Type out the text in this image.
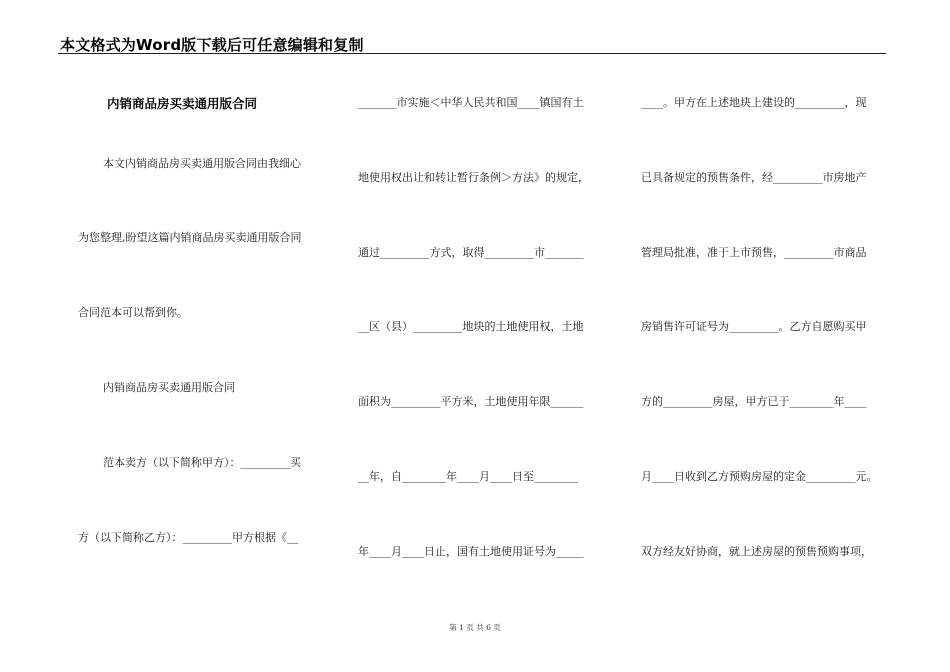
本文格式为Word版下载后可任意编辑和复制
内销商品房买卖通用版合同
本文内销商品房买卖通用版合同由我细心
为您整理,盼望这篇内销商品房买卖通用版合同
合同范本可以帮到你。
内销商品房买卖通用版合同
范本卖方（以下简称甲方）：_________买
方（以下简称乙方）：_________甲方根据《__
_______市实施＜中华人民共和国____镇国有土
地使用权出让和转让暂行条例＞方法》的规定，
通过_________方式，取得_________市_______
__区（县）_________地块的土地使用权，土地
面积为_________平方米，土地使用年限______
__年，自________年____月____日至________
年____月____日止，国有土地使用证号为_____
____。甲方在上述地块上建设的_________，现
已具备规定的预售条件，经_________市房地产
管理局批准，准于上市预售，_________市商品
房销售许可证号为_________。乙方自愿购买甲
方的_________房屋，甲方已于________年____
月____日收到乙方预购房屋的定金_________元。
双方经友好协商，就上述房屋的预售预购事项，
第 1 页 共 6 页
